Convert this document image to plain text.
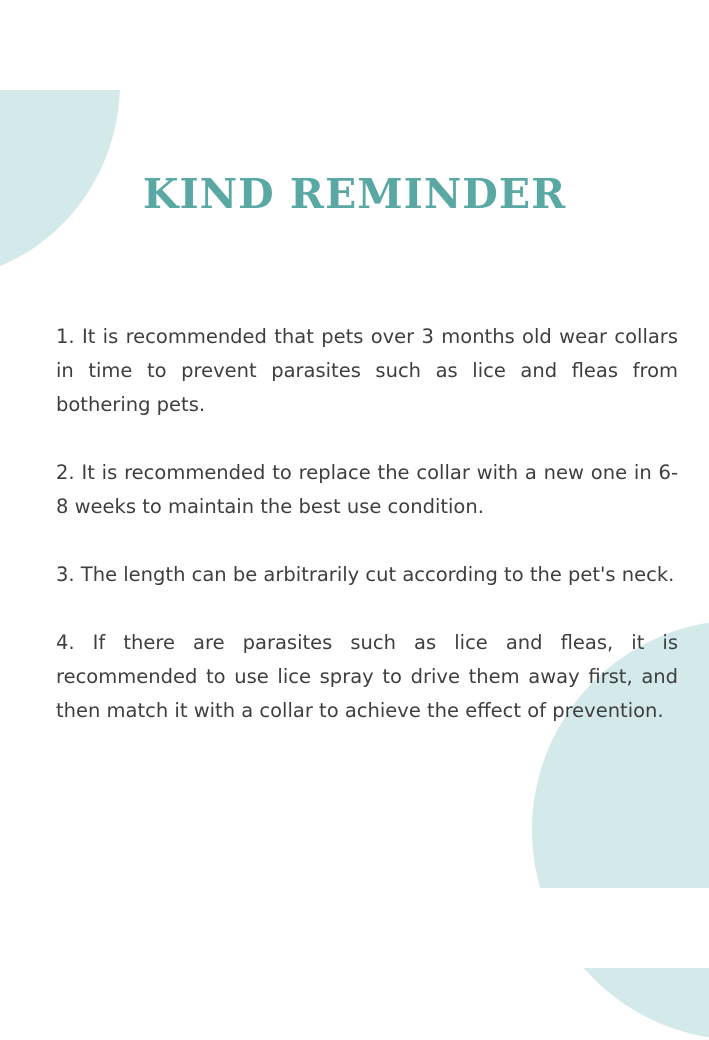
KIND REMINDER

1. It is recommended that pets over 3 months old wear collars in time to prevent parasites such as lice and fleas from bothering pets.

2. It is recommended to replace the collar with a new one in 6-8 weeks to maintain the best use condition.

3. The length can be arbitrarily cut according to the pet's neck.

4. If there are parasites such as lice and fleas, it is recommended to use lice spray to drive them away first, and then match it with a collar to achieve the effect of prevention.
